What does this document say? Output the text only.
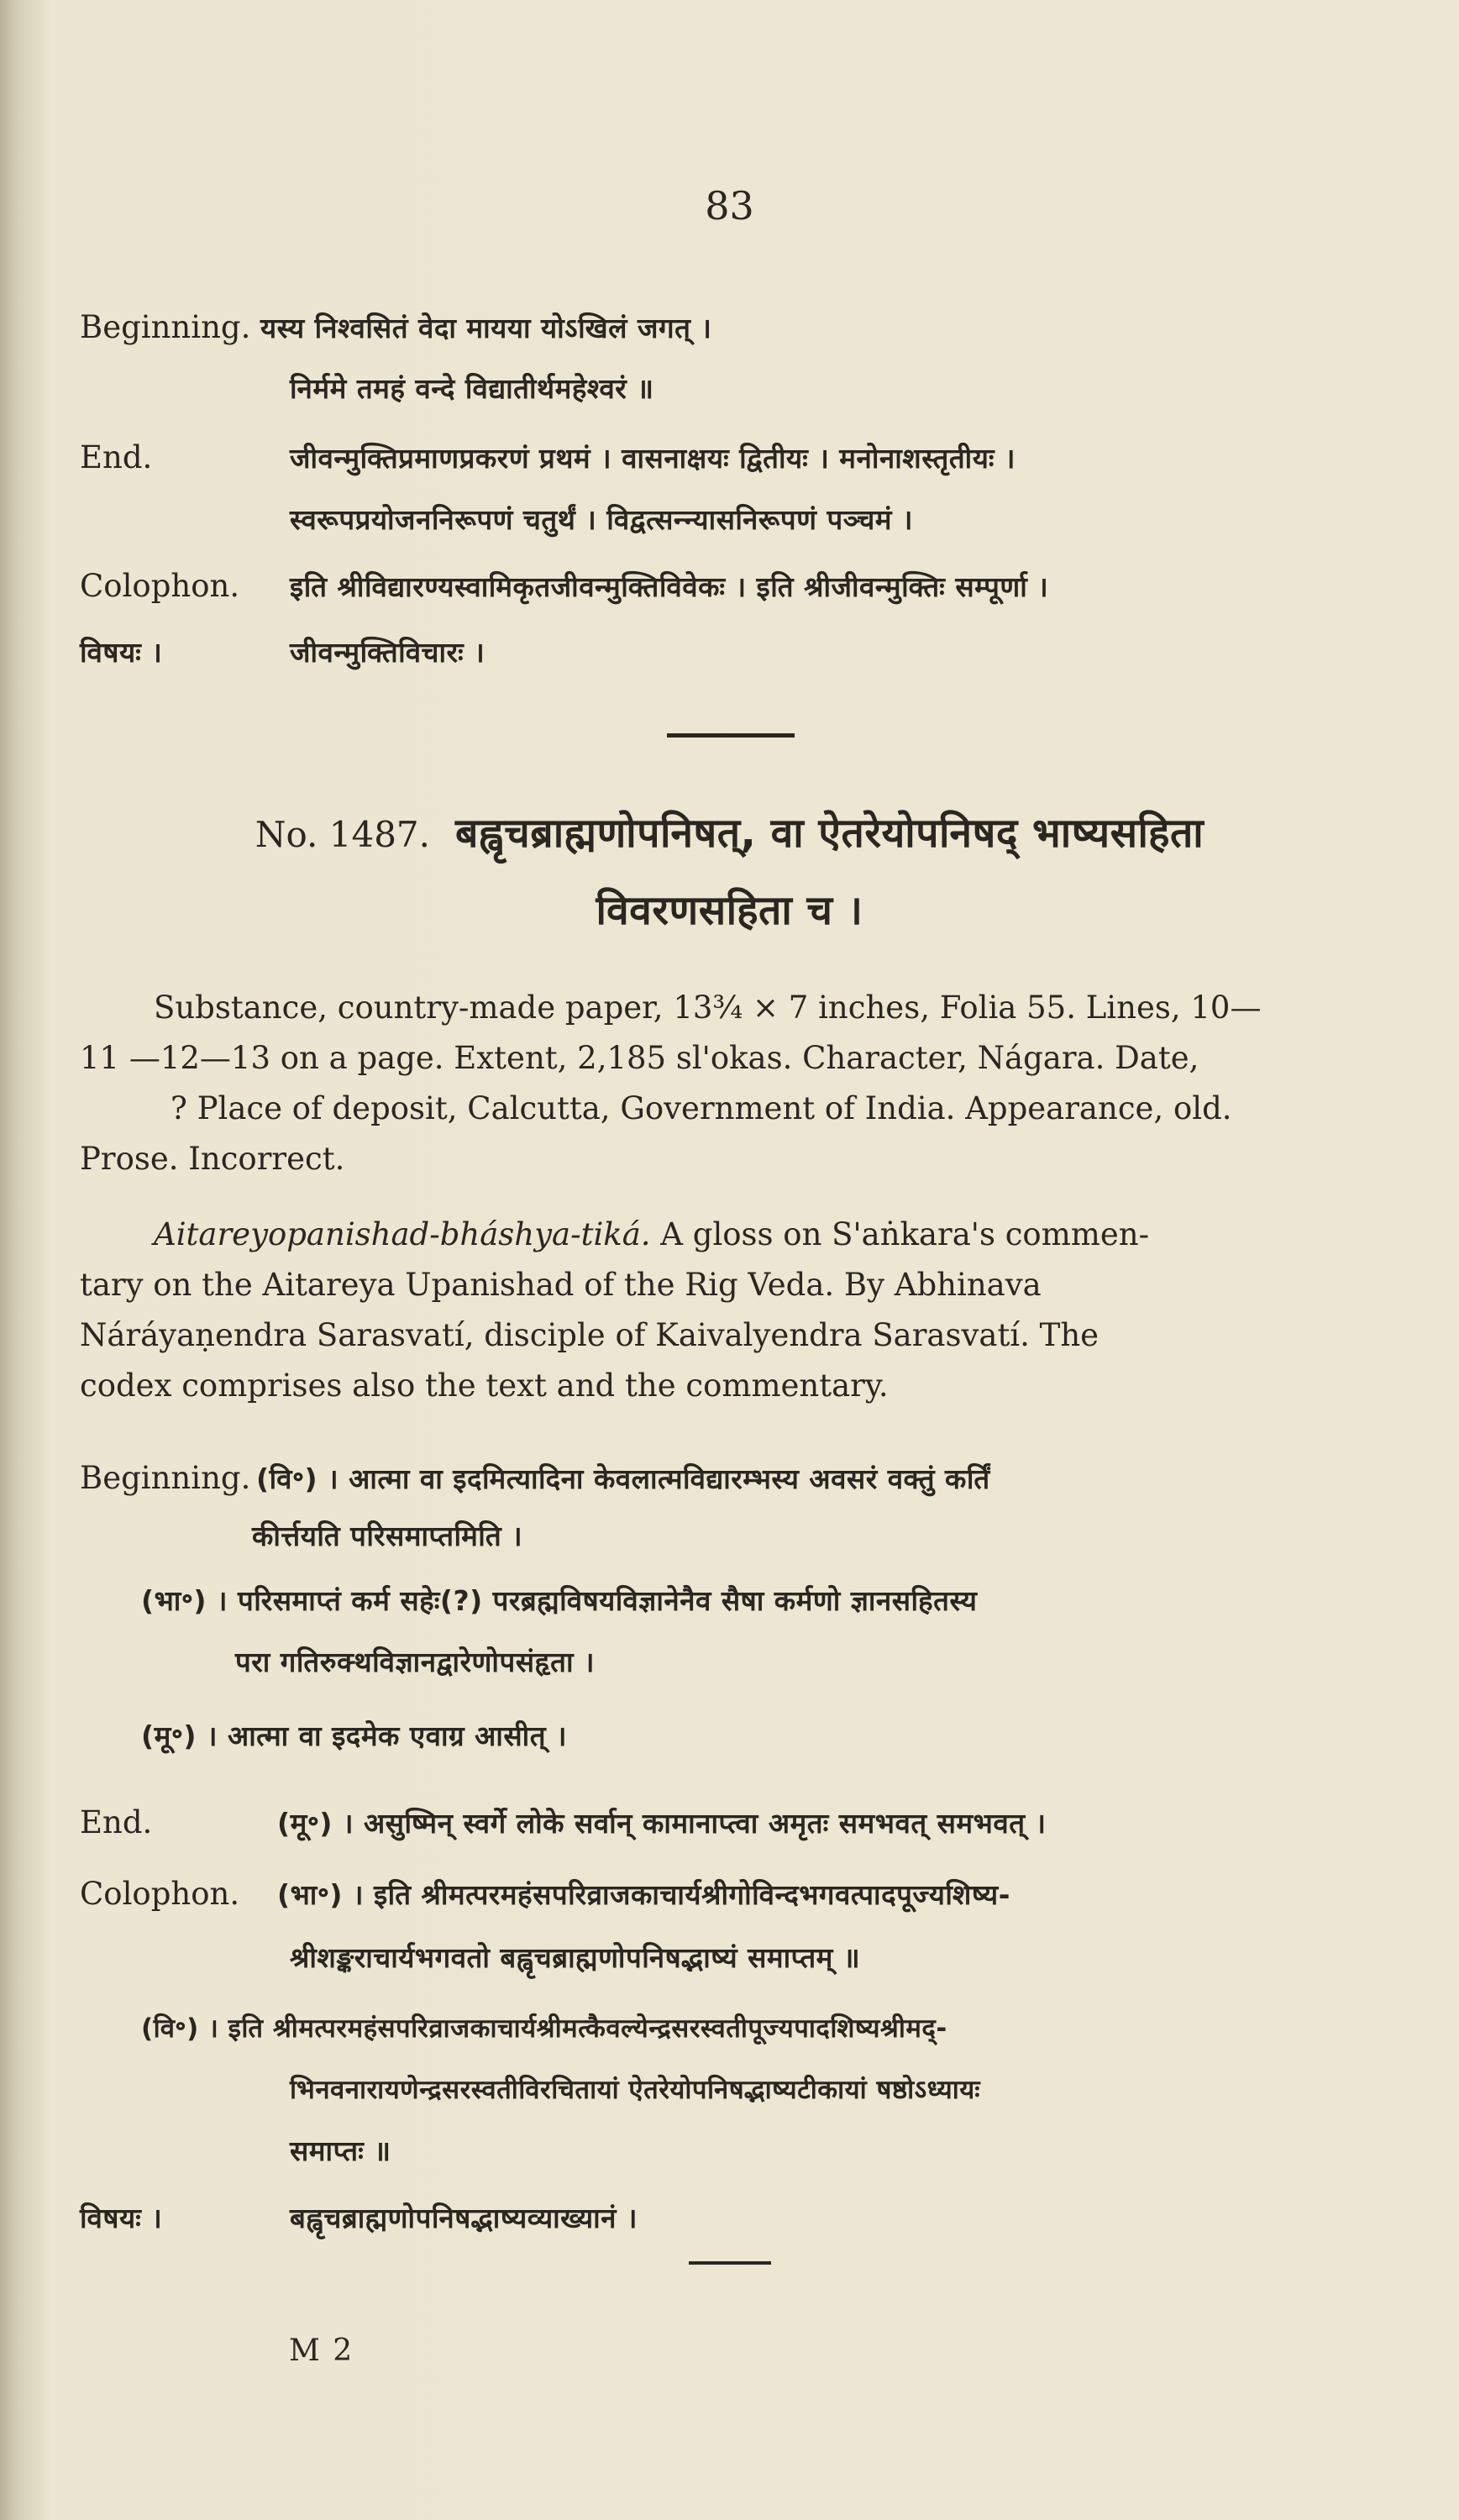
83
Beginning. यस्य निश्वसितं वेदा मायया योऽखिलं जगत् ।
निर्ममे तमहं वन्दे विद्यातीर्थमहेश्वरं ॥
End.	जीवन्मुक्तिप्रमाणप्रकरणं प्रथमं । वासनाक्षयः द्वितीयः । मनोनाशस्तृतीयः ।
स्वरूपप्रयोजननिरूपणं चतुर्थं । विद्वत्सन्न्यासनिरूपणं पञ्चमं ।
Colophon. इति श्रीविद्यारण्यस्वामिकृतजीवन्मुक्तिविवेकः । इति श्रीजीवन्मुक्तिः सम्पूर्णा ।
विषयः ।	जीवन्मुक्तिविचारः ।
No. 1487. बह्वृचब्राह्मणोपनिषत्, वा ऐतरेयोपनिषद् भाष्यसहिता
विवरणसहिता च ।

Substance, country-made paper, 13¾ × 7 inches, Folia 55. Lines, 10—

11 —12—13 on a page. Extent, 2,185 sl'okas. Character, Nágara. Date,

? Place of deposit, Calcutta, Government of India. Appearance, old.

Prose. Incorrect.

Aitareyopanishad-bháshya-tiká. A gloss on S'aṅkara's commen-

tary on the Aitareya Upanishad of the Rig Veda. By Abhinava

Náráyaṇendra Sarasvatí, disciple of Kaivalyendra Sarasvatí. The

codex comprises also the text and the commentary.

Beginning. (वि॰) । आत्मा वा इदमित्यादिना केवलात्मविद्यारम्भस्य अवसरं वक्तुं कर्तिं
कीर्त्तयति परिसमाप्तमिति ।
(भा॰) । परिसमाप्तं कर्म सहेः(?) परब्रह्मविषयविज्ञानेनैव सैषा कर्मणो ज्ञानसहितस्य
परा गतिरुक्थविज्ञानद्वारेणोपसंहृता ।
(मू॰) । आत्मा वा इदमेक एवाग्र आसीत् ।
End.	(मू॰) । असुष्मिन् स्वर्गे लोके सर्वान् कामानाप्त्वा अमृतः समभवत् समभवत् ।
Colophon. (भा॰) । इति श्रीमत्परमहंसपरिव्राजकाचार्यश्रीगोविन्दभगवत्पादपूज्यशिष्य-
श्रीशङ्कराचार्यभगवतो बह्वृचब्राह्मणोपनिषद्भाष्यं समाप्तम् ॥
(वि॰) । इति श्रीमत्परमहंसपरिव्राजकाचार्यश्रीमत्कैवल्येन्द्रसरस्वतीपूज्यपादशिष्यश्रीमद्-
भिनवनारायणेन्द्रसरस्वतीविरचितायां ऐतरेयोपनिषद्भाष्यटीकायां षष्ठोऽध्यायः
समाप्तः ॥
विषयः ।	बह्वृचब्राह्मणोपनिषद्भाष्यव्याख्यानं ।
M 2
